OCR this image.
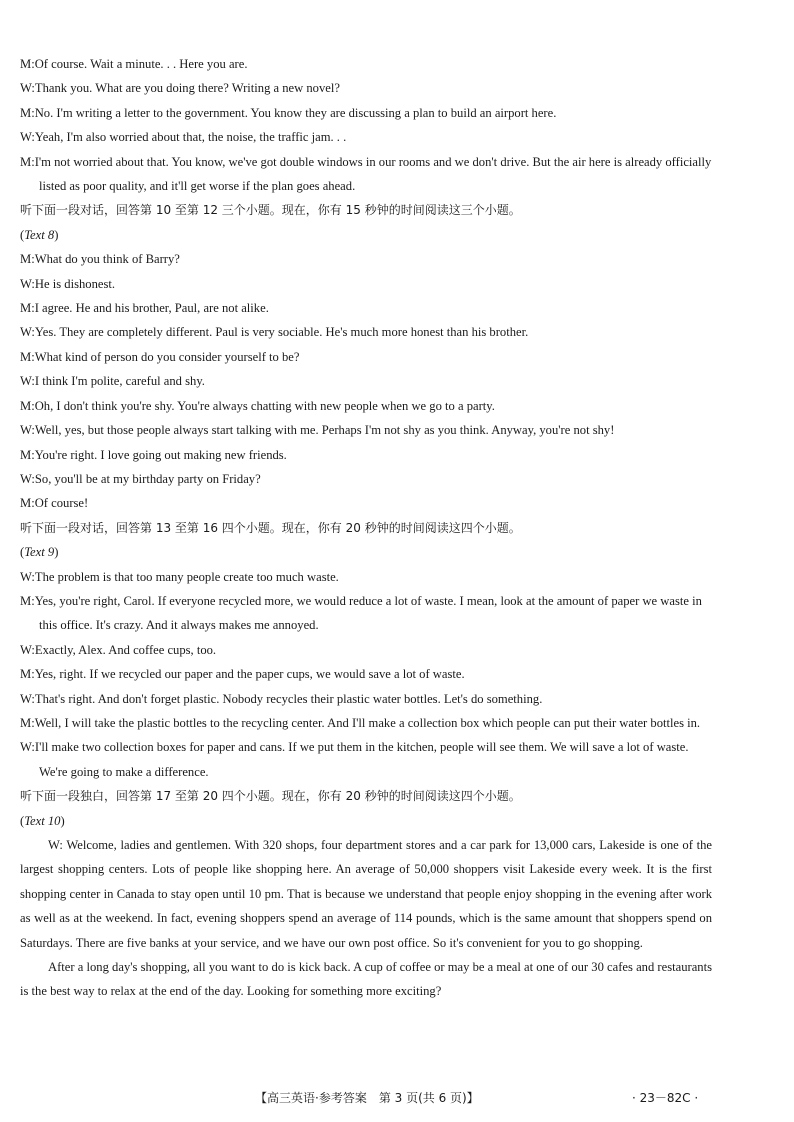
M:Of course. Wait a minute. . . Here you are.
W:Thank you. What are you doing there? Writing a new novel?
M:No. I'm writing a letter to the government. You know they are discussing a plan to build an airport here.
W:Yeah, I'm also worried about that, the noise, the traffic jam. . .
M:I'm not worried about that. You know, we've got double windows in our rooms and we don't drive. But the air here is already officially listed as poor quality, and it'll get worse if the plan goes ahead.
听下面一段对话，回答第 10 至第 12 三个小题。现在，你有 15 秒钟的时间阅读这三个小题。
(Text 8)
M:What do you think of Barry?
W:He is dishonest.
M:I agree. He and his brother, Paul, are not alike.
W:Yes. They are completely different. Paul is very sociable. He's much more honest than his brother.
M:What kind of person do you consider yourself to be?
W:I think I'm polite, careful and shy.
M:Oh, I don't think you're shy. You're always chatting with new people when we go to a party.
W:Well, yes, but those people always start talking with me. Perhaps I'm not shy as you think. Anyway, you're not shy!
M:You're right. I love going out making new friends.
W:So, you'll be at my birthday party on Friday?
M:Of course!
听下面一段对话，回答第 13 至第 16 四个小题。现在，你有 20 秒钟的时间阅读这四个小题。
(Text 9)
W:The problem is that too many people create too much waste.
M:Yes, you're right, Carol. If everyone recycled more, we would reduce a lot of waste. I mean, look at the amount of paper we waste in this office. It's crazy. And it always makes me annoyed.
W:Exactly, Alex. And coffee cups, too.
M:Yes, right. If we recycled our paper and the paper cups, we would save a lot of waste.
W:That's right. And don't forget plastic. Nobody recycles their plastic water bottles. Let's do something.
M:Well, I will take the plastic bottles to the recycling center. And I'll make a collection box which people can put their water bottles in.
W:I'll make two collection boxes for paper and cans. If we put them in the kitchen, people will see them. We will save a lot of waste. We're going to make a difference.
听下面一段独白，回答第 17 至第 20 四个小题。现在，你有 20 秒钟的时间阅读这四个小题。
(Text 10)
W: Welcome, ladies and gentlemen. With 320 shops, four department stores and a car park for 13,000 cars, Lakeside is one of the largest shopping centers. Lots of people like shopping here. An average of 50,000 shoppers visit Lakeside every week. It is the first shopping center in Canada to stay open until 10 pm. That is because we understand that people enjoy shopping in the evening after work as well as at the weekend. In fact, evening shoppers spend an average of 114 pounds, which is the same amount that shoppers spend on Saturdays. There are five banks at your service, and we have our own post office. So it's convenient for you to go shopping.
After a long day's shopping, all you want to do is kick back. A cup of coffee or may be a meal at one of our 30 cafes and restaurants is the best way to relax at the end of the day. Looking for something more exciting?
【高三英语·参考答案　第 3 页(共 6 页)】	· 23－82C ·
